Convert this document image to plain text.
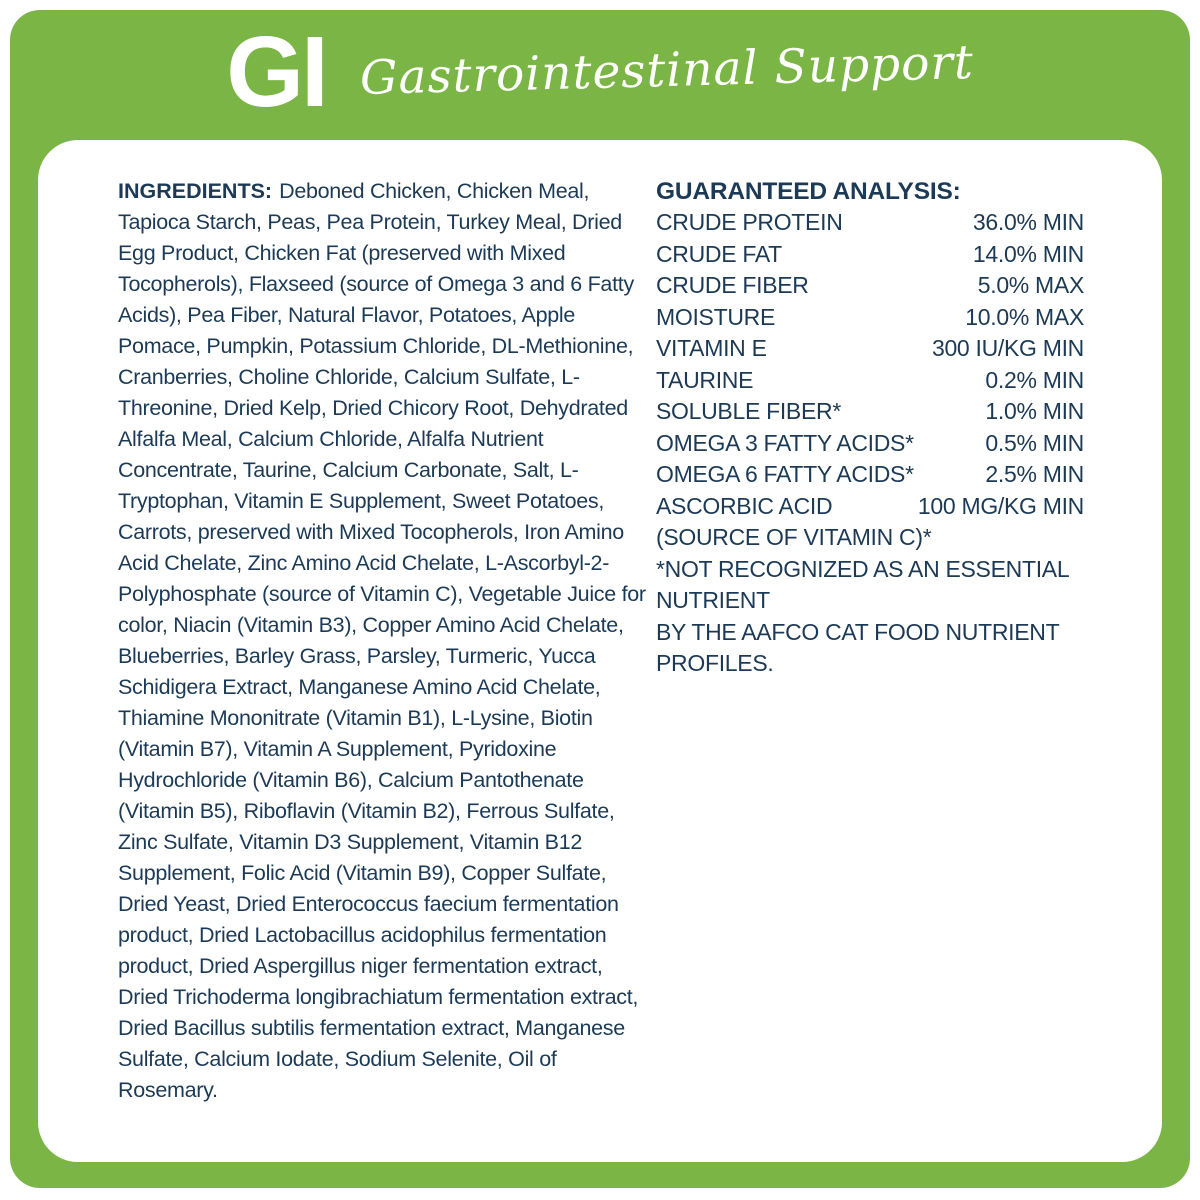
GI Gastrointestinal Support

INGREDIENTS: Deboned Chicken, Chicken Meal, Tapioca Starch, Peas, Pea Protein, Turkey Meal, Dried Egg Product, Chicken Fat (preserved with Mixed Tocopherols), Flaxseed (source of Omega 3 and 6 Fatty Acids), Pea Fiber, Natural Flavor, Potatoes, Apple Pomace, Pumpkin, Potassium Chloride, DL-Methionine, Cranberries, Choline Chloride, Calcium Sulfate, L-Threonine, Dried Kelp, Dried Chicory Root, Dehydrated Alfalfa Meal, Calcium Chloride, Alfalfa Nutrient Concentrate, Taurine, Calcium Carbonate, Salt, L-Tryptophan, Vitamin E Supplement, Sweet Potatoes, Carrots, preserved with Mixed Tocopherols, Iron Amino Acid Chelate, Zinc Amino Acid Chelate, L-Ascorbyl-2-Polyphosphate (source of Vitamin C), Vegetable Juice for color, Niacin (Vitamin B3), Copper Amino Acid Chelate, Blueberries, Barley Grass, Parsley, Turmeric, Yucca Schidigera Extract, Manganese Amino Acid Chelate, Thiamine Mononitrate (Vitamin B1), L-Lysine, Biotin (Vitamin B7), Vitamin A Supplement, Pyridoxine Hydrochloride (Vitamin B6), Calcium Pantothenate (Vitamin B5), Riboflavin (Vitamin B2), Ferrous Sulfate, Zinc Sulfate, Vitamin D3 Supplement, Vitamin B12 Supplement, Folic Acid (Vitamin B9), Copper Sulfate, Dried Yeast, Dried Enterococcus faecium fermentation product, Dried Lactobacillus acidophilus fermentation product, Dried Aspergillus niger fermentation extract, Dried Trichoderma longibrachiatum fermentation extract, Dried Bacillus subtilis fermentation extract, Manganese Sulfate, Calcium Iodate, Sodium Selenite, Oil of Rosemary.

GUARANTEED ANALYSIS:

CRUDE PROTEIN	36.0% MIN
CRUDE FAT	14.0% MIN
CRUDE FIBER	5.0% MAX
MOISTURE	10.0% MAX
VITAMIN E	300 IU/KG MIN
TAURINE	0.2% MIN
SOLUBLE FIBER*	1.0% MIN
OMEGA 3 FATTY ACIDS*	0.5% MIN
OMEGA 6 FATTY ACIDS*	2.5% MIN
ASCORBIC ACID	100 MG/KG MIN
(SOURCE OF VITAMIN C)*
*NOT RECOGNIZED AS AN ESSENTIAL NUTRIENT
BY THE AAFCO CAT FOOD NUTRIENT PROFILES.
